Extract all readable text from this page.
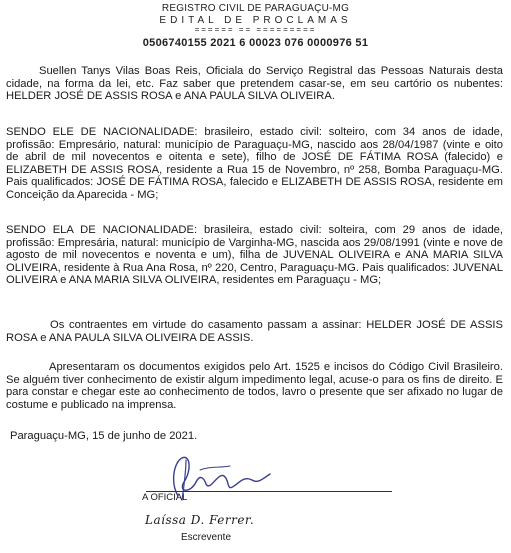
REGISTRO CIVIL DE PARAGUAÇU-MG
EDITAL DE PROCLAMAS
====== == =========
0506740155 2021 6 00023 076 0000976 51

Suellen Tanys Vilas Boas Reis, Oficiala do Serviço Registral das Pessoas Naturais desta cidade, na forma da lei, etc. Faz saber que pretendem casar-se, em seu cartório os nubentes: HELDER JOSÉ DE ASSIS ROSA e ANA PAULA SILVA OLIVEIRA.

SENDO ELE DE NACIONALIDADE: brasileiro, estado civil: solteiro, com 34 anos de idade, profissão: Empresário, natural: município de Paraguaçu-MG, nascido aos 28/04/1987 (vinte e oito de abril de mil novecentos e oitenta e sete), filho de JOSÉ DE FÁTIMA ROSA (falecido) e ELIZABETH DE ASSIS ROSA, residente a Rua 15 de Novembro, nº 258, Bomba Paraguaçu-MG. Pais qualificados: JOSÉ DE FÁTIMA ROSA, falecido e ELIZABETH DE ASSIS ROSA, residente em Conceição da Aparecida - MG;

SENDO ELA DE NACIONALIDADE: brasileira, estado civil: solteira, com 29 anos de idade, profissão: Empresária, natural: município de Varginha-MG, nascida aos 29/08/1991 (vinte e nove de agosto de mil novecentos e noventa e um), filha de JUVENAL OLIVEIRA e ANA MARIA SILVA OLIVEIRA, residente à Rua Ana Rosa, nº 220, Centro, Paraguaçu-MG. Pais qualificados: JUVENAL OLIVEIRA e ANA MARIA SILVA OLIVEIRA, residentes em Paraguaçu - MG;

Os contraentes em virtude do casamento passam a assinar: HELDER JOSÉ DE ASSIS ROSA e ANA PAULA SILVA OLIVEIRA DE ASSIS.

Apresentaram os documentos exigidos pelo Art. 1525 e incisos do Código Civil Brasileiro. Se alguém tiver conhecimento de existir algum impedimento legal, acuse-o para os fins de direito. E para constar e chegar este ao conhecimento de todos, lavro o presente que ser afixado no lugar de costume e publicado na imprensa.

Paraguaçu-MG, 15 de junho de 2021.
A OFICIAL
Laíssa D. Ferrer.
Escrevente
